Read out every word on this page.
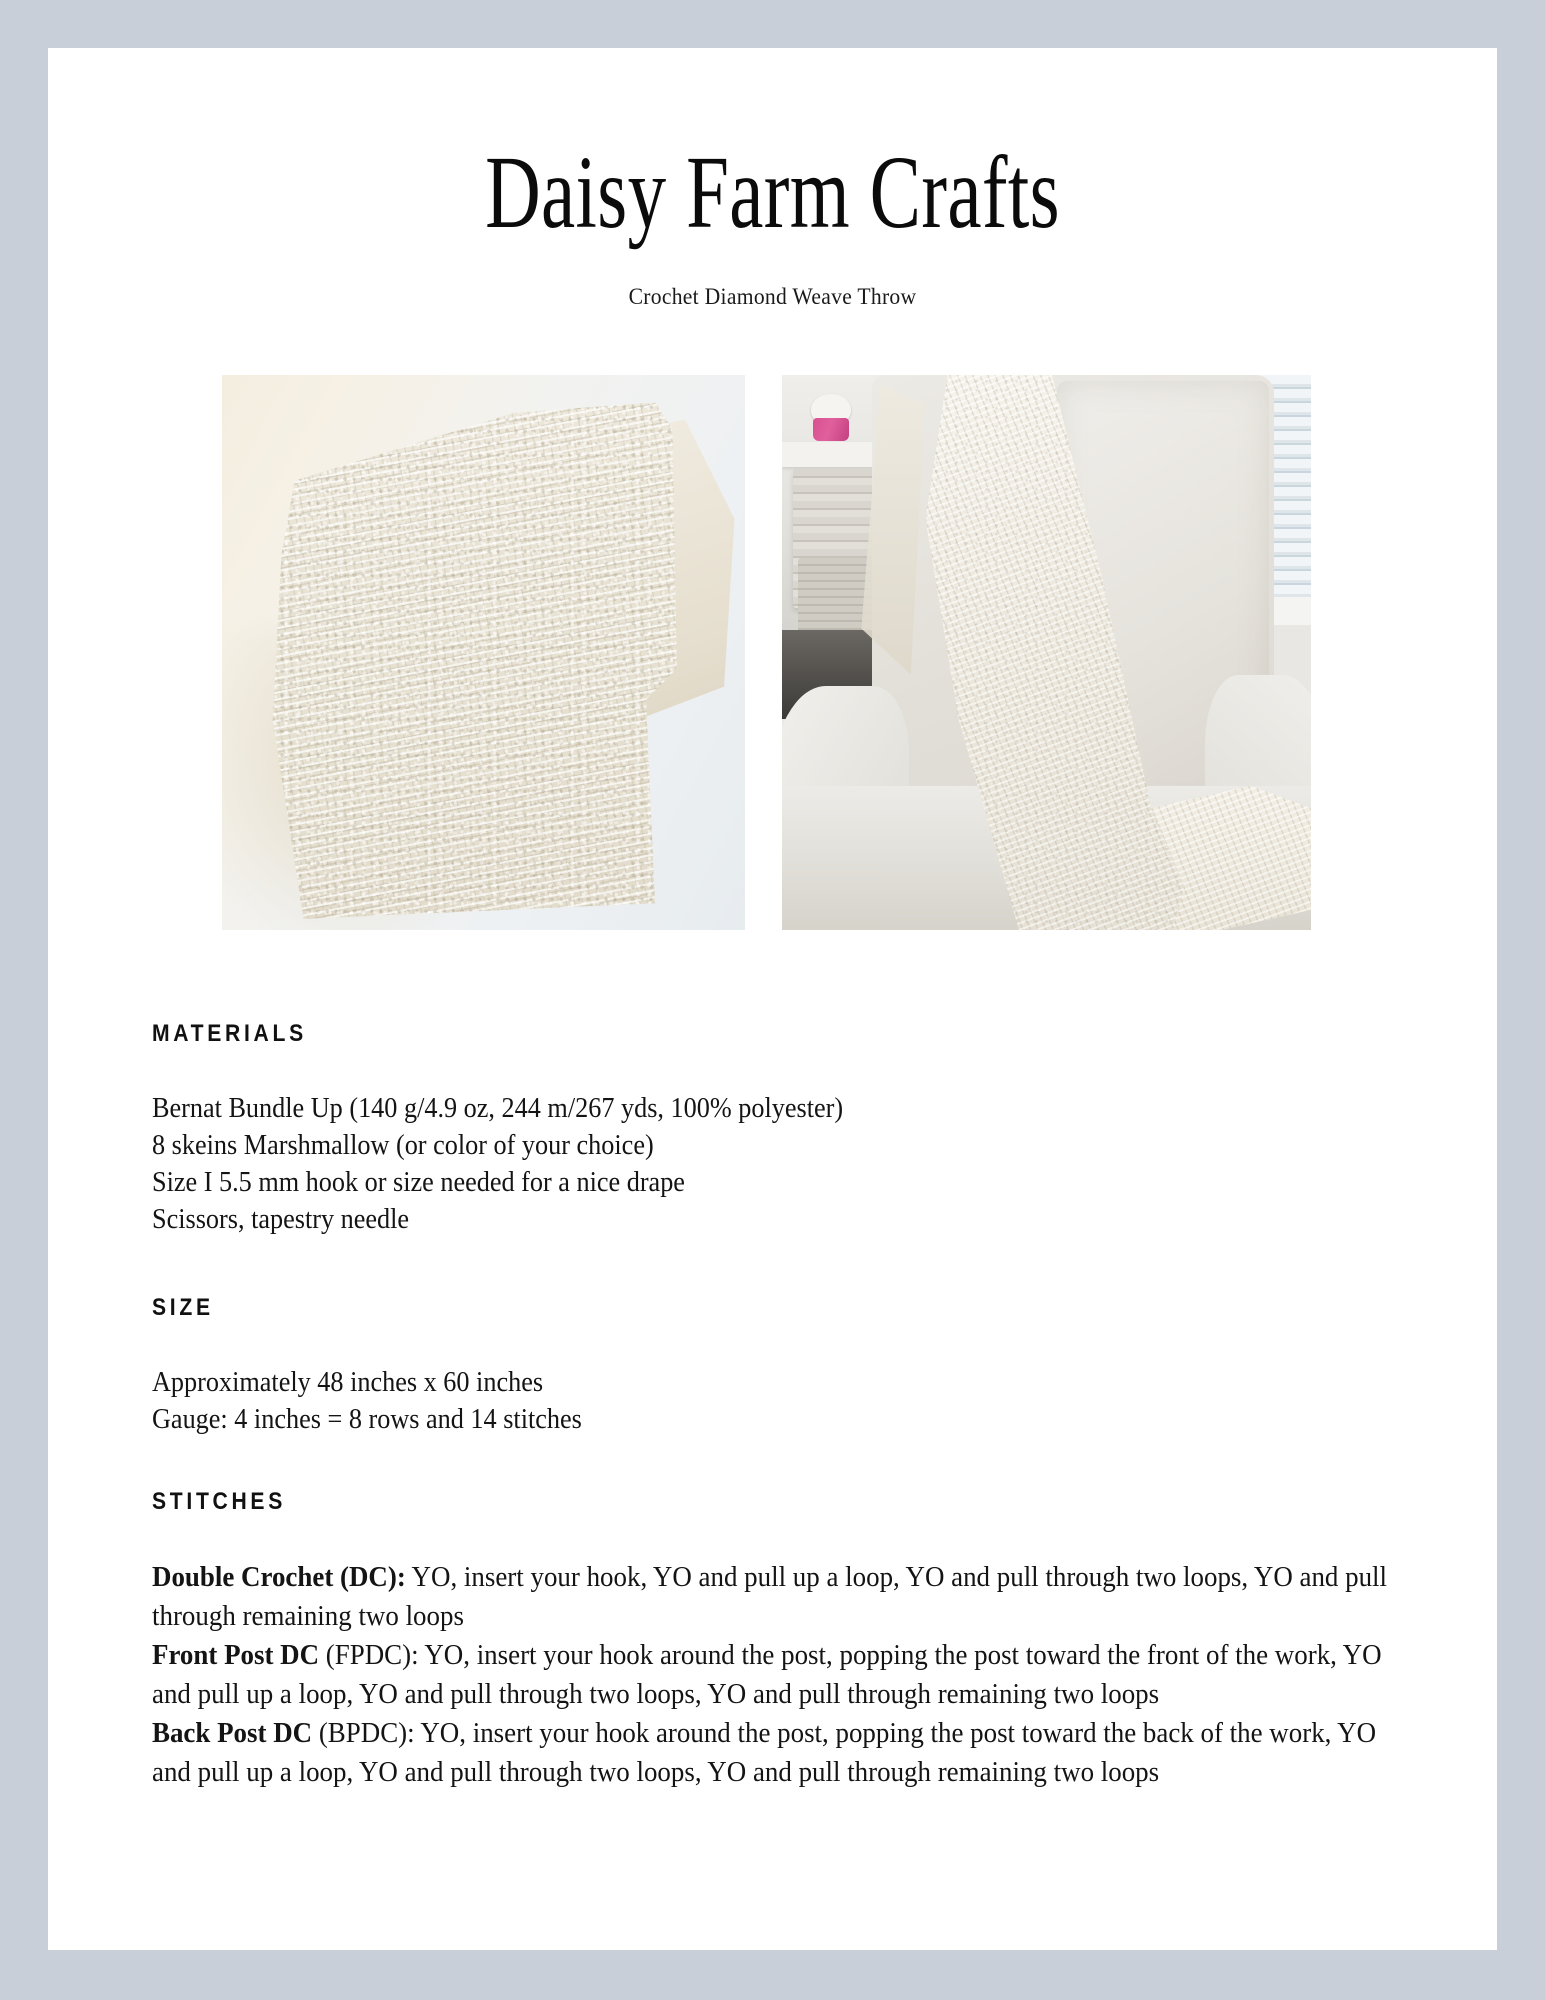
Daisy Farm Crafts
Crochet Diamond Weave Throw
MATERIALS
Bernat Bundle Up (140 g/4.9 oz, 244 m/267 yds, 100% polyester)
8 skeins Marshmallow (or color of your choice)
Size I 5.5 mm hook or size needed for a nice drape
Scissors, tapestry needle
SIZE
Approximately 48 inches x 60 inches
Gauge: 4 inches = 8 rows and 14 stitches
STITCHES
Double Crochet (DC): YO, insert your hook, YO and pull up a loop, YO and pull through two loops, YO and pull through remaining two loops
Front Post DC (FPDC): YO, insert your hook around the post, popping the post toward the front of the work, YO and pull up a loop, YO and pull through two loops, YO and pull through remaining two loops
Back Post DC (BPDC): YO, insert your hook around the post, popping the post toward the back of the work, YO and pull up a loop, YO and pull through two loops, YO and pull through remaining two loops
